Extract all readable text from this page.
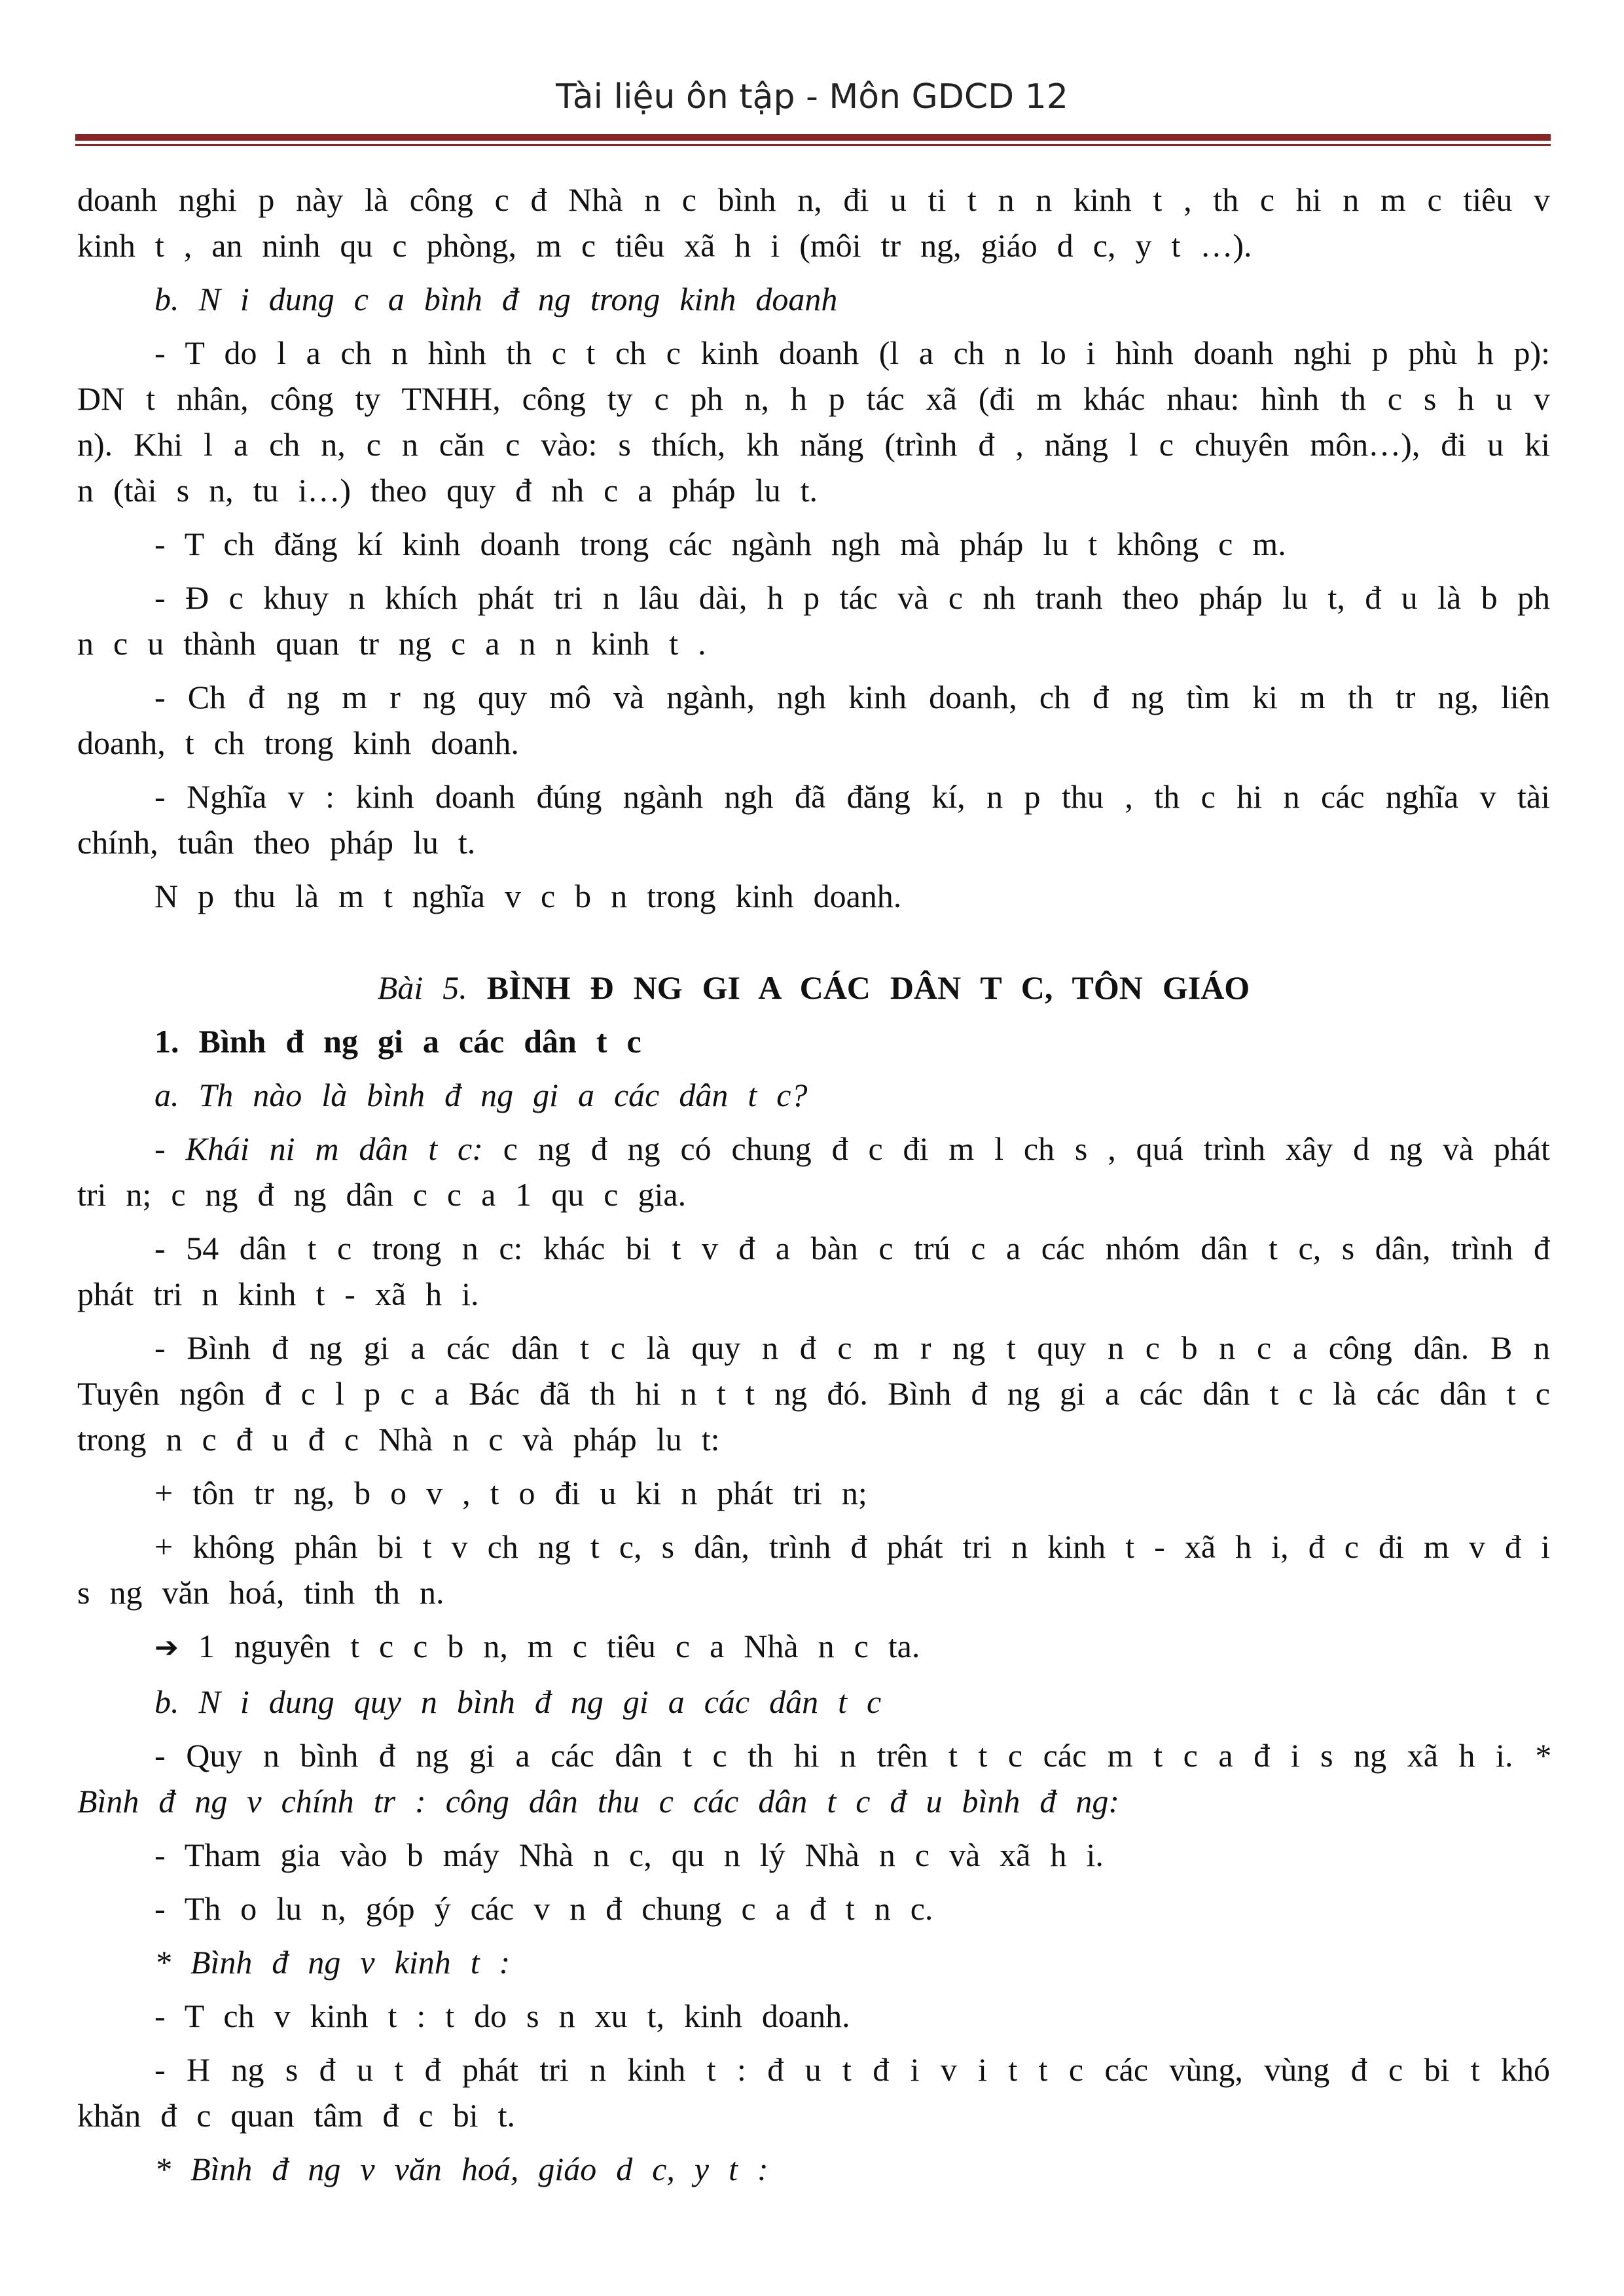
Tài liệu ôn tập - Môn GDCD 12

doanh nghi p này là công c đ Nhà n c bình n, đi u ti t n n kinh t , th c hi n m c tiêu v kinh t , an ninh qu c phòng, m c tiêu xã h i (môi tr ng, giáo d c, y t …).

b. N i dung c a bình đ ng trong kinh doanh

- T do l a ch n hình th c t ch c kinh doanh (l a ch n lo i hình doanh nghi p phù h p): DN t nhân, công ty TNHH, công ty c ph n, h p tác xã (đi m khác nhau: hình th c s h u v n). Khi l a ch n, c n căn c vào: s thích, kh năng (trình đ , năng l c chuyên môn…), đi u ki n (tài s n, tu i…) theo quy đ nh c a pháp lu t.

- T ch đăng kí kinh doanh trong các ngành ngh mà pháp lu t không c m.

- Đ c khuy n khích phát tri n lâu dài, h p tác và c nh tranh theo pháp lu t, đ u là b ph n c u thành quan tr ng c a n n kinh t .

- Ch đ ng m r ng quy mô và ngành, ngh kinh doanh, ch đ ng tìm ki m th tr ng, liên doanh, t ch trong kinh doanh.

- Nghĩa v : kinh doanh đúng ngành ngh đã đăng kí, n p thu , th c hi n các nghĩa v tài chính, tuân theo pháp lu t.

N p thu là m t nghĩa v c b n trong kinh doanh.

Bài 5. BÌNH Đ NG GI A CÁC DÂN T C, TÔN GIÁO

1. Bình đ ng gi a các dân t c

a. Th nào là bình đ ng gi a các dân t c?

- Khái ni m dân t c: c ng đ ng có chung đ c đi m l ch s , quá trình xây d ng và phát tri n; c ng đ ng dân c c a 1 qu c gia.

- 54 dân t c trong n c: khác bi t v đ a bàn c trú c a các nhóm dân t c, s dân, trình đ phát tri n kinh t - xã h i.

- Bình đ ng gi a các dân t c là quy n đ c m r ng t quy n c b n c a công dân. B n Tuyên ngôn đ c l p c a Bác đã th hi n t t ng đó. Bình đ ng gi a các dân t c là các dân t c trong n c đ u đ c Nhà n c và pháp lu t:

+ tôn tr ng, b o v , t o đi u ki n phát tri n;

+ không phân bi t v ch ng t c, s dân, trình đ phát tri n kinh t - xã h i, đ c đi m v đ i s ng văn hoá, tinh th n.

➔ 1 nguyên t c c b n, m c tiêu c a Nhà n c ta.

b. N i dung quy n bình đ ng gi a các dân t c

- Quy n bình đ ng gi a các dân t c th hi n trên t t c các m t c a đ i s ng xã h i. * Bình đ ng v chính tr : công dân thu c các dân t c đ u bình đ ng:

- Tham gia vào b máy Nhà n c, qu n lý Nhà n c và xã h i.

- Th o lu n, góp ý các v n đ chung c a đ t n c.

* Bình đ ng v kinh t :

- T ch v kinh t : t do s n xu t, kinh doanh.

- H ng s đ u t đ phát tri n kinh t : đ u t đ i v i t t c các vùng, vùng đ c bi t khó khăn đ c quan tâm đ c bi t.

* Bình đ ng v văn hoá, giáo d c, y t :
